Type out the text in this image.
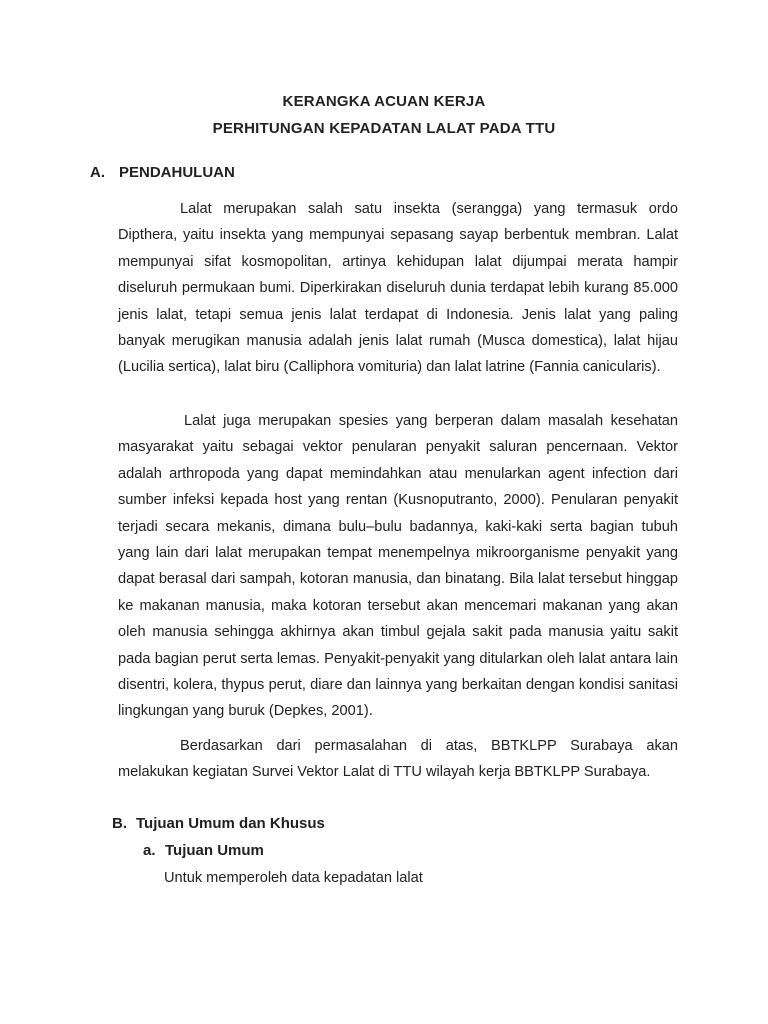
KERANGKA ACUAN KERJA
PERHITUNGAN KEPADATAN LALAT PADA TTU
A. PENDAHULUAN
Lalat merupakan salah satu insekta (serangga) yang termasuk ordo Dipthera, yaitu insekta yang mempunyai sepasang sayap berbentuk membran. Lalat mempunyai sifat kosmopolitan, artinya kehidupan lalat dijumpai merata hampir diseluruh permukaan bumi. Diperkirakan diseluruh dunia terdapat lebih kurang 85.000 jenis lalat, tetapi semua jenis lalat terdapat di Indonesia. Jenis lalat yang paling banyak merugikan manusia adalah jenis lalat rumah (Musca domestica), lalat hijau (Lucilia sertica), lalat biru (Calliphora vomituria) dan lalat latrine (Fannia canicularis).
Lalat juga merupakan spesies yang berperan dalam masalah kesehatan masyarakat yaitu sebagai vektor penularan penyakit saluran pencernaan. Vektor adalah arthropoda yang dapat memindahkan atau menularkan agent infection dari sumber infeksi kepada host yang rentan (Kusnoputranto, 2000). Penularan penyakit terjadi secara mekanis, dimana bulu–bulu badannya, kaki-kaki serta bagian tubuh yang lain dari lalat merupakan tempat menempelnya mikroorganisme penyakit yang dapat berasal dari sampah, kotoran manusia, dan binatang. Bila lalat tersebut hinggap ke makanan manusia, maka kotoran tersebut akan mencemari makanan yang akan oleh manusia sehingga akhirnya akan timbul gejala sakit pada manusia yaitu sakit pada bagian perut serta lemas. Penyakit-penyakit yang ditularkan oleh lalat antara lain disentri, kolera, thypus perut, diare dan lainnya yang berkaitan dengan kondisi sanitasi lingkungan yang buruk (Depkes, 2001).
Berdasarkan dari permasalahan di atas, BBTKLPP Surabaya akan melakukan kegiatan Survei Vektor Lalat di TTU wilayah kerja BBTKLPP Surabaya.
B. Tujuan Umum dan Khusus
a. Tujuan Umum
Untuk memperoleh data kepadatan lalat
